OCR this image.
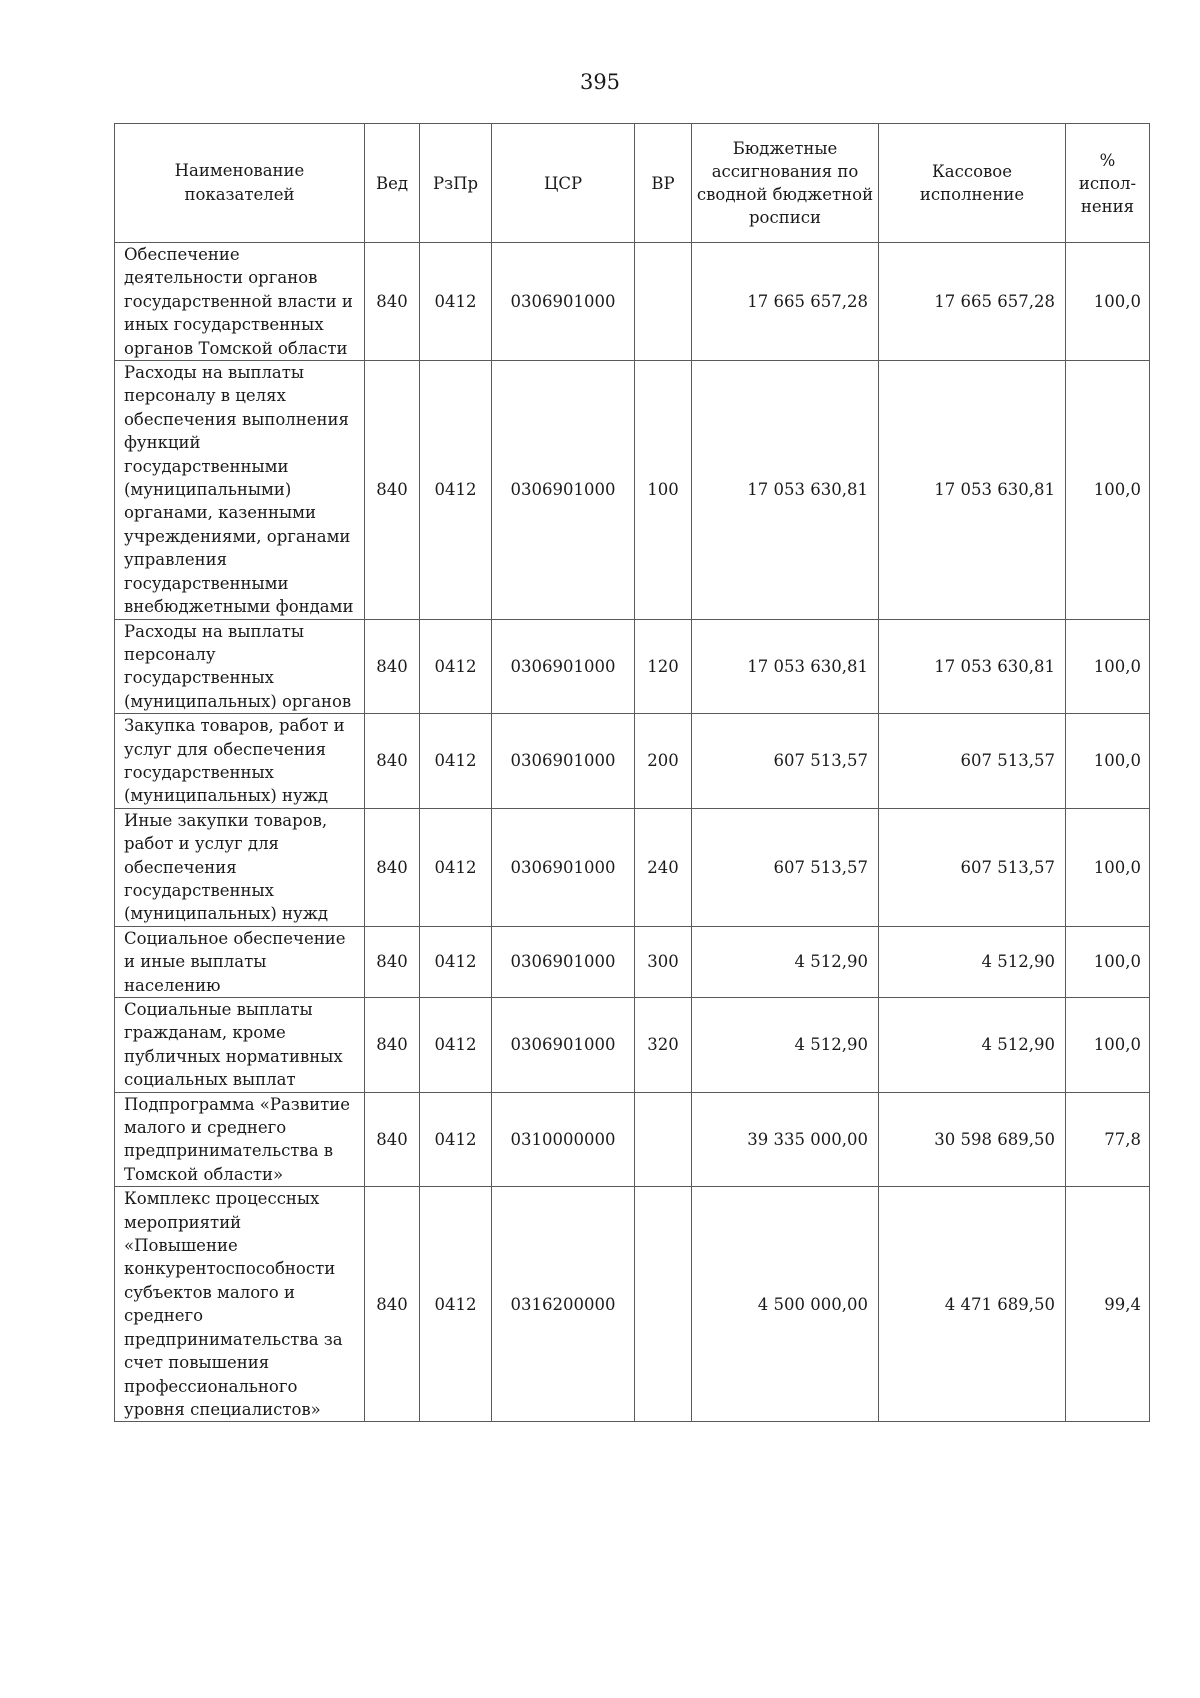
395
Наименование показателей	Вед	РзПр	ЦСР	ВР	Бюджетные ассигнования по сводной бюджетной росписи	Кассовое исполнение	% испол-нения
Обеспечение деятельности органов государственной власти и иных государственных органов Томской области	840	0412	0306901000		17 665 657,28	17 665 657,28	100,0
Расходы на выплаты персоналу в целях обеспечения выполнения функций государственными (муниципальными) органами, казенными учреждениями, органами управления государственными внебюджетными фондами	840	0412	0306901000	100	17 053 630,81	17 053 630,81	100,0
Расходы на выплаты персоналу государственных (муниципальных) органов	840	0412	0306901000	120	17 053 630,81	17 053 630,81	100,0
Закупка товаров, работ и услуг для обеспечения государственных (муниципальных) нужд	840	0412	0306901000	200	607 513,57	607 513,57	100,0
Иные закупки товаров, работ и услуг для обеспечения государственных (муниципальных) нужд	840	0412	0306901000	240	607 513,57	607 513,57	100,0
Социальное обеспечение и иные выплаты населению	840	0412	0306901000	300	4 512,90	4 512,90	100,0
Социальные выплаты гражданам, кроме публичных нормативных социальных выплат	840	0412	0306901000	320	4 512,90	4 512,90	100,0
Подпрограмма «Развитие малого и среднего предпринимательства в Томской области»	840	0412	0310000000		39 335 000,00	30 598 689,50	77,8
Комплекс процессных мероприятий «Повышение конкурентоспособности субъектов малого и среднего предпринимательства за счет повышения профессионального уровня специалистов»	840	0412	0316200000		4 500 000,00	4 471 689,50	99,4
